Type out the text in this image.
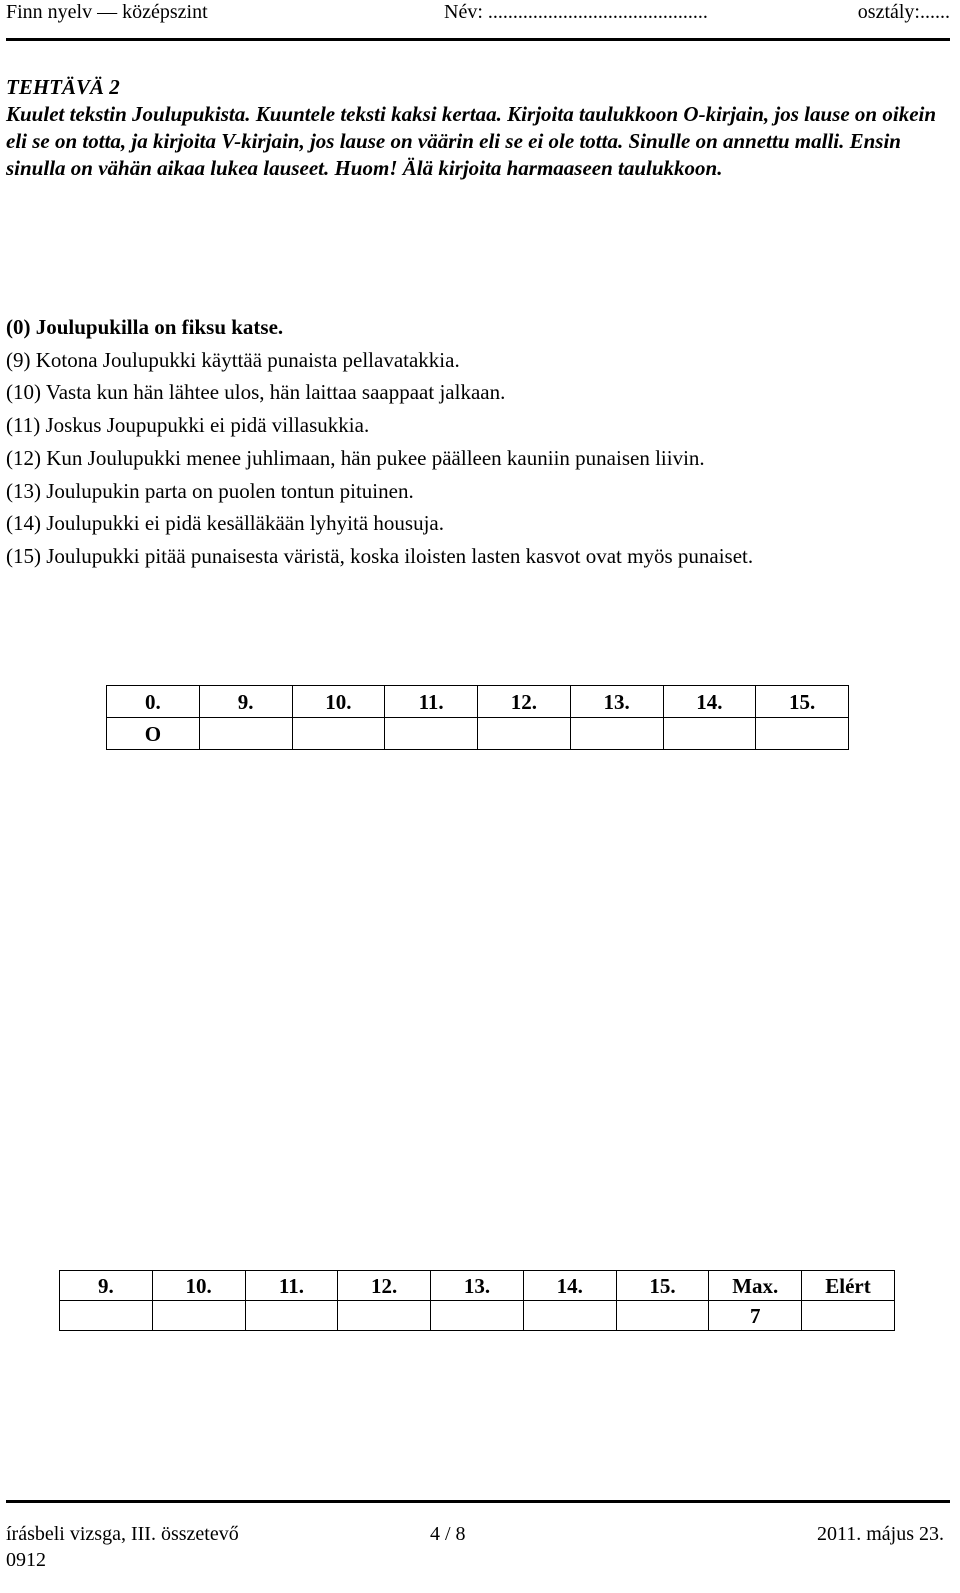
Finn nyelv — középszint	Név: ............................................	osztály:......

TEHTÄVÄ 2

Kuulet tekstin Joulupukista. Kuuntele teksti kaksi kertaa. Kirjoita taulukkoon O-kirjain, jos lause on oikein eli se on totta, ja kirjoita V-kirjain, jos lause on väärin eli se ei ole totta. Sinulle on annettu malli. Ensin sinulla on vähän aikaa lukea lauseet. Huom! Älä kirjoita harmaaseen taulukkoon.

(0) Joulupukilla on fiksu katse.
(9) Kotona Joulupukki käyttää punaista pellavatakkia.
(10) Vasta kun hän lähtee ulos, hän laittaa saappaat jalkaan.
(11) Joskus Joupupukki ei pidä villasukkia.
(12) Kun Joulupukki menee juhlimaan, hän pukee päälleen kauniin punaisen liivin.
(13) Joulupukin parta on puolen tontun pituinen.
(14) Joulupukki ei pidä kesälläkään lyhyitä housuja.
(15) Joulupukki pitää punaisesta väristä, koska iloisten lasten kasvot ovat myös punaiset.
0.	9.	10.	11.	12.	13.	14.	15.
O							
9.	10.	11.	12.	13.	14.	15.	Max.	Elért
							7	
írásbeli vizsga, III. összetevő	4 / 8	2011. május 23.
0912
